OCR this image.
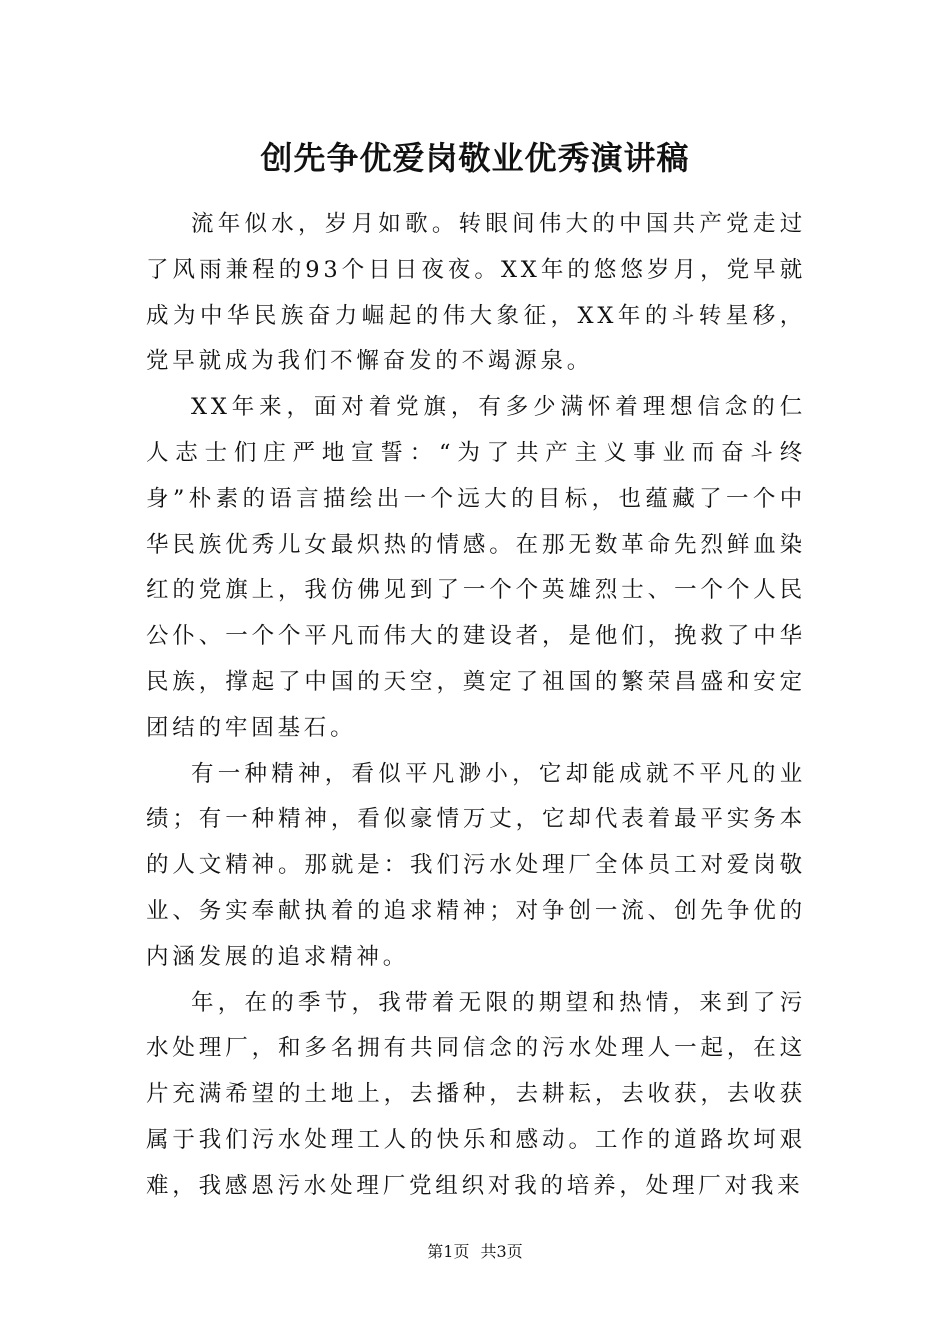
创先争优爱岗敬业优秀演讲稿

流年似水，岁月如歌。转眼间伟大的中国共产党走过了风雨兼程的93个日日夜夜。XX年的悠悠岁月，党早就成为中华民族奋力崛起的伟大象征，XX年的斗转星移，党早就成为我们不懈奋发的不竭源泉。

XX年来，面对着党旗，有多少满怀着理想信念的仁人志士们庄严地宣誓：“为了共产主义事业而奋斗终身”朴素的语言描绘出一个远大的目标，也蕴藏了一个中华民族优秀儿女最炽热的情感。在那无数革命先烈鲜血染红的党旗上，我仿佛见到了一个个英雄烈士、一个个人民公仆、一个个平凡而伟大的建设者，是他们，挽救了中华民族，撑起了中国的天空，奠定了祖国的繁荣昌盛和安定团结的牢固基石。

有一种精神，看似平凡渺小，它却能成就不平凡的业绩；有一种精神，看似豪情万丈，它却代表着最平实务本的人文精神。那就是：我们污水处理厂全体员工对爱岗敬业、务实奉献执着的追求精神；对争创一流、创先争优的内涵发展的追求精神。

年，在的季节，我带着无限的期望和热情，来到了污水处理厂，和多名拥有共同信念的污水处理人一起，在这片充满希望的土地上，去播种，去耕耘，去收获，去收获属于我们污水处理工人的快乐和感动。工作的道路坎坷艰难，我感恩污水处理厂党组织对我的培养，处理厂对我来

第1页 共3页
